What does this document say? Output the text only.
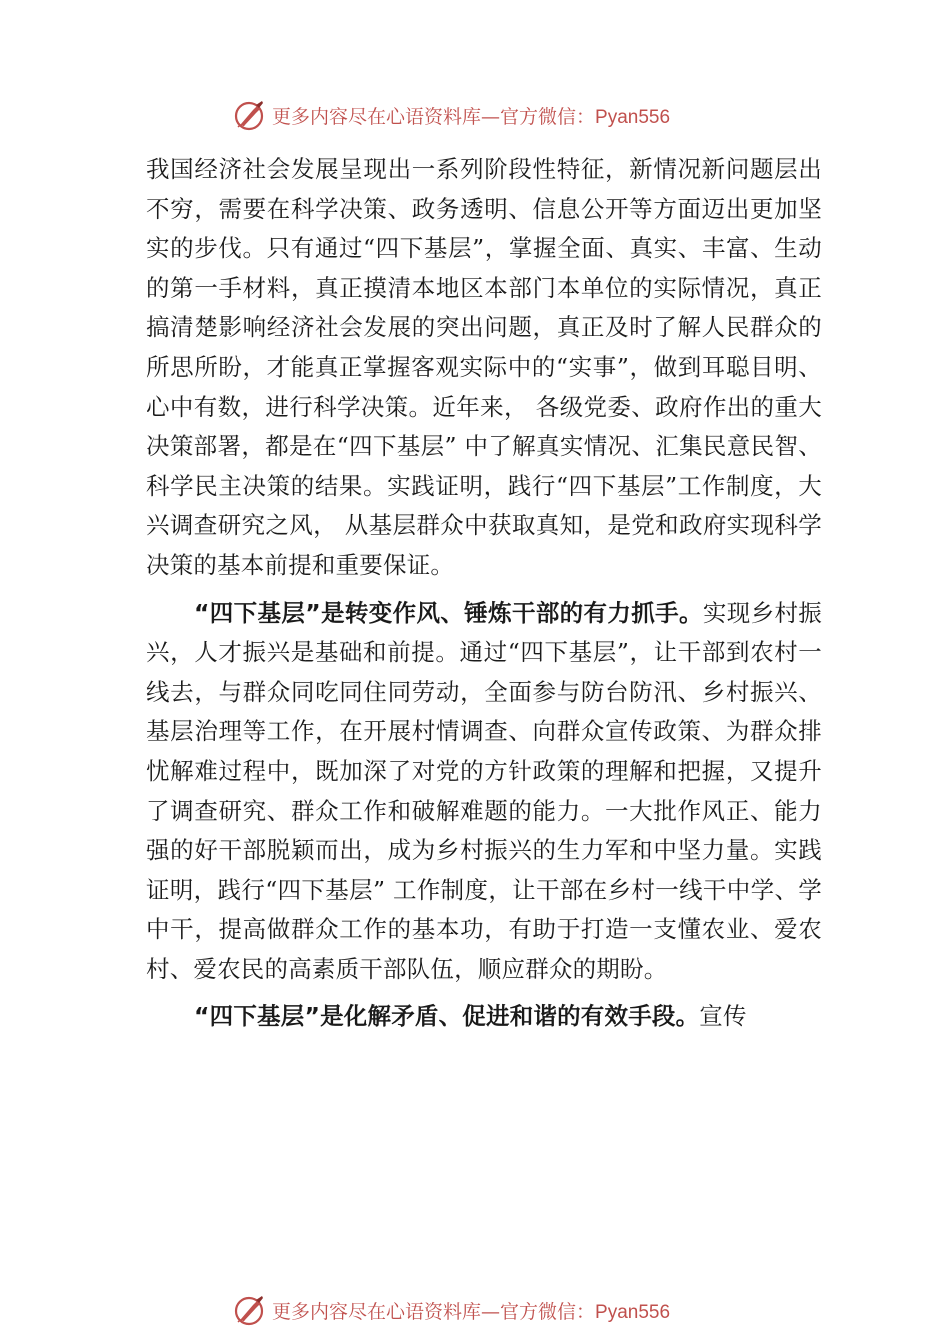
更多内容尽在心语资料库—官方微信：Pyan556

我国经济社会发展呈现出一系列阶段性特征，新情况新问题层出不穷，需要在科学决策、政务透明、信息公开等方面迈出更加坚实的步伐。只有通过“四下基层”，掌握全面、真实、丰富、生动的第一手材料，真正摸清本地区本部门本单位的实际情况，真正搞清楚影响经济社会发展的突出问题，真正及时了解人民群众的所思所盼，才能真正掌握客观实际中的“实事”，做到耳聪目明、心中有数，进行科学决策。近年来， 各级党委、政府作出的重大决策部署，都是在“四下基层” 中了解真实情况、汇集民意民智、科学民主决策的结果。实践证明，践行“四下基层”工作制度，大兴调查研究之风， 从基层群众中获取真知，是党和政府实现科学决策的基本前提和重要保证。

“四下基层”是转变作风、锤炼干部的有力抓手。实现乡村振兴，人才振兴是基础和前提。通过“四下基层”，让干部到农村一线去，与群众同吃同住同劳动，全面参与防台防汛、乡村振兴、基层治理等工作，在开展村情调查、向群众宣传政策、为群众排忧解难过程中，既加深了对党的方针政策的理解和把握，又提升了调查研究、群众工作和破解难题的能力。一大批作风正、能力强的好干部脱颖而出，成为乡村振兴的生力军和中坚力量。实践证明，践行“四下基层” 工作制度，让干部在乡村一线干中学、学中干，提高做群众工作的基本功，有助于打造一支懂农业、爱农村、爱农民的高素质干部队伍，顺应群众的期盼。

“四下基层”是化解矛盾、促进和谐的有效手段。宣传

更多内容尽在心语资料库—官方微信：Pyan556
